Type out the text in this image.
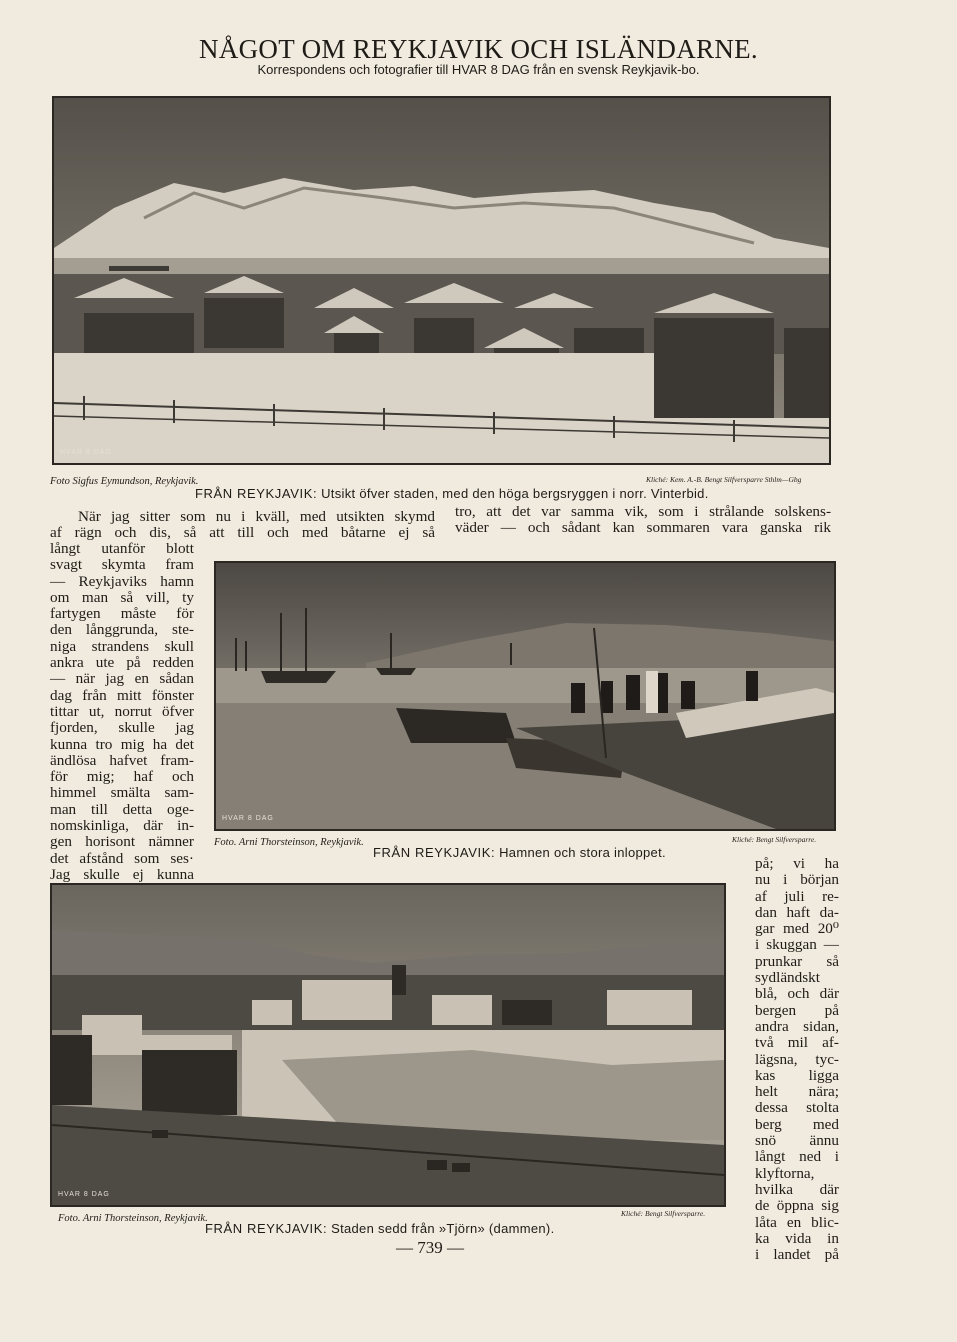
NÅGOT OM REYKJAVIK OCH ISLÄNDARNE.
Korrespondens och fotografier till HVAR 8 DAG från en svensk Reykjavik-bo.
HVAR 8 DAG
Foto Sigfus Eymundson, Reykjavik.	Kliché: Kem. A.-B. Bengt Silfversparre Sthlm—Gbg
FRÅN REYKJAVIK: Utsikt öfver staden, med den höga bergsryggen i norr. Vinterbid.
När jag sitter som nu i kväll, med utsikten skymd
af rägn och dis, så att till och med båtarne ej så
tro, att det var samma vik, som i strålande solskens-
väder — och sådant kan sommaren vara ganska rik
långt utanför blott
svagt skymta fram
— Reykjaviks hamn
om man så vill, ty
fartygen måste för
den långgrunda, ste-
niga strandens skull
ankra ute på redden
— när jag en sådan
dag från mitt fönster
tittar ut, norrut öfver
fjorden, skulle jag
kunna tro mig ha det
ändlösa hafvet fram-
för mig; haf och
himmel smälta sam-
man till detta oge-
nomskinliga, där in-
gen horisont nämner
det afstånd som ses·
Jag skulle ej kunna
HVAR 8 DAG
Foto. Arni Thorsteinson, Reykjavik.	Kliché: Bengt Silfversparre.
FRÅN REYKJAVIK: Hamnen och stora inloppet.
på; vi ha
nu i början
af juli re-
dan haft da-
gar med 20⁰
i skuggan —
prunkar så
sydländskt
blå, och där
bergen på
andra sidan,
två mil af-
lägsna, tyc-
kas ligga
helt nära;
dessa stolta
berg med
snö ännu
långt ned i
klyftorna,
hvilka där
de öppna sig
låta en blic-
ka vida in
i landet på
HVAR 8 DAG
Foto. Arni Thorsteinson, Reykjavik.	Kliché: Bengt Silfversparre.
FRÅN REYKJAVIK: Staden sedd från »Tjörn» (dammen).
— 739 —
